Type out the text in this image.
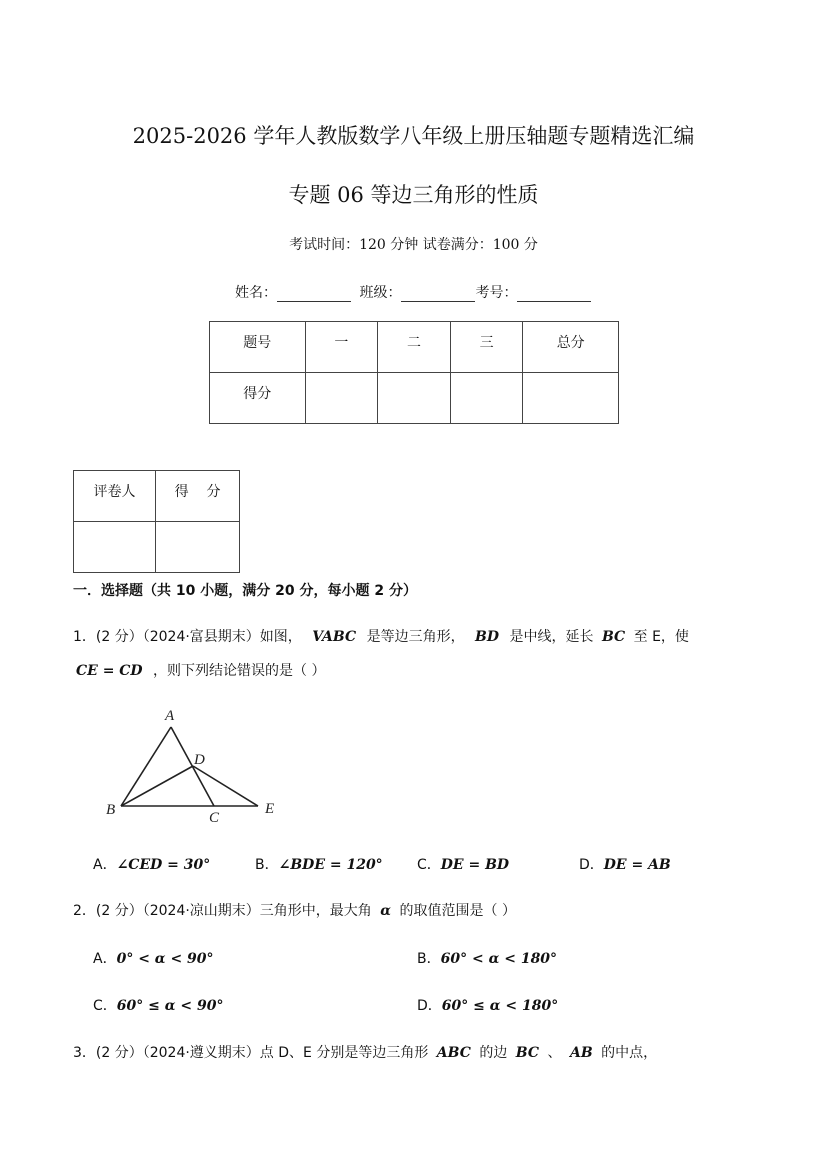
2025-2026 学年人教版数学八年级上册压轴题专题精选汇编
专题 06 等边三角形的性质
考试时间：120 分钟 试卷满分：100 分
姓名：	班级：	考号：
题号	一	二	三	总分
得分				
评卷人	得    分

一．选择题（共 10 小题，满分 20 分，每小题 2 分）
1．(2 分）（2024·富县期末）如图， VABC 是等边三角形， BD 是中线，延长 BC 至 E，使
CE = CD ，则下列结论错误的是（ ）
A
D
B	C
E
A．∠CED = 30°	B．∠BDE = 120° C．DE = BD	D．DE = AB
2．(2 分）（2024·凉山期末）三角形中，最大角 α 的取值范围是（ ）
A．0° < α < 90°	B．60° < α < 180°
C．60° ≤ α < 90°	D．60° ≤ α < 180°
3．(2 分）（2024·遵义期末）点 D、E 分别是等边三角形 ABC 的边 BC 、 AB 的中点，
